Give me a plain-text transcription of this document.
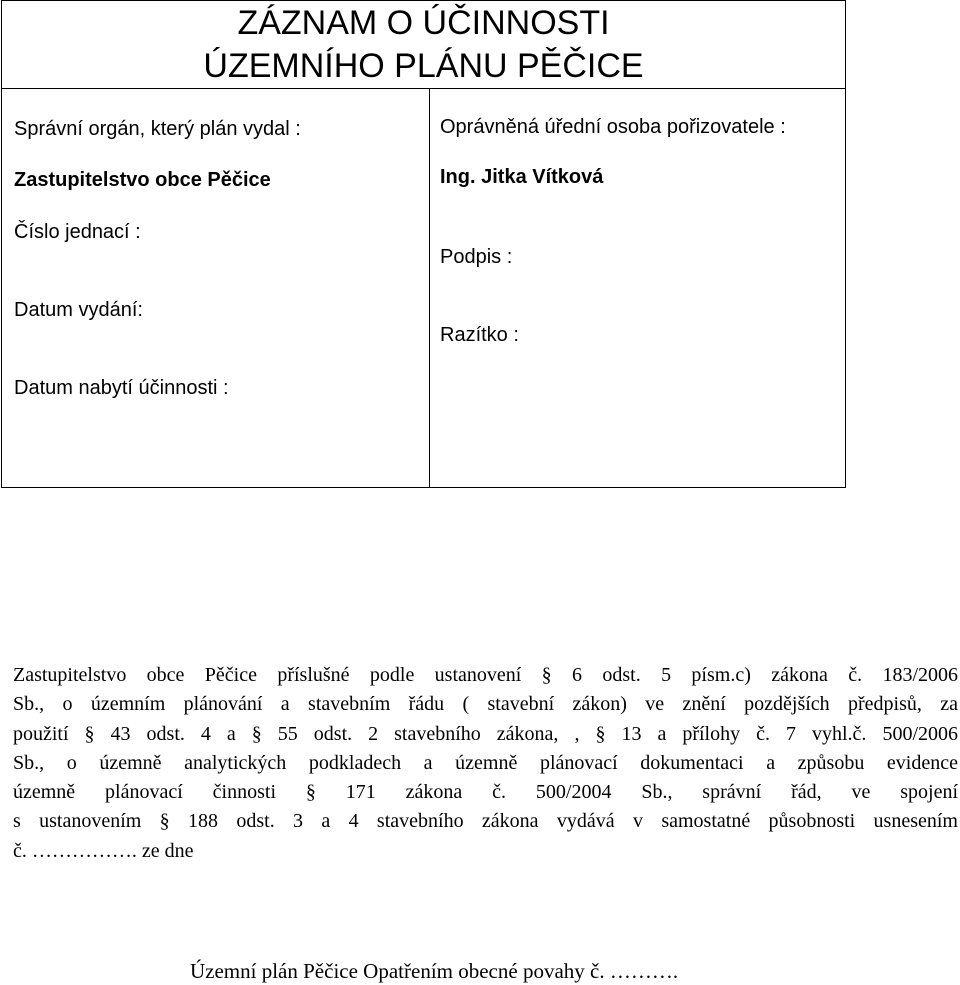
ZÁZNAM O ÚČINNOSTI
ÚZEMNÍHO PLÁNU PĚČICE
Správní orgán, který plán vydal :
Zastupitelstvo obce Pěčice
Číslo jednací :
Datum vydání:
Datum nabytí účinnosti :
Oprávněná úřední osoba pořizovatele :
Ing. Jitka Vítková
Podpis :
Razítko :
Zastupitelstvo obce Pěčice příslušné podle ustanovení § 6 odst. 5 písm.c) zákona č. 183/2006
Sb., o územním plánování a stavebním řádu ( stavební zákon) ve znění pozdějších předpisů, za
použití § 43 odst. 4 a § 55 odst. 2 stavebního zákona, , § 13 a přílohy č. 7 vyhl.č. 500/2006
Sb., o územně analytických podkladech a územně plánovací dokumentaci a způsobu evidence
územně plánovací činnosti § 171 zákona č. 500/2004 Sb., správní řád, ve spojení
s ustanovením § 188 odst. 3 a 4 stavebního zákona vydává v samostatné působnosti usnesením
č. ……………. ze dne
Územní plán Pěčice Opatřením obecné povahy č. ……….
